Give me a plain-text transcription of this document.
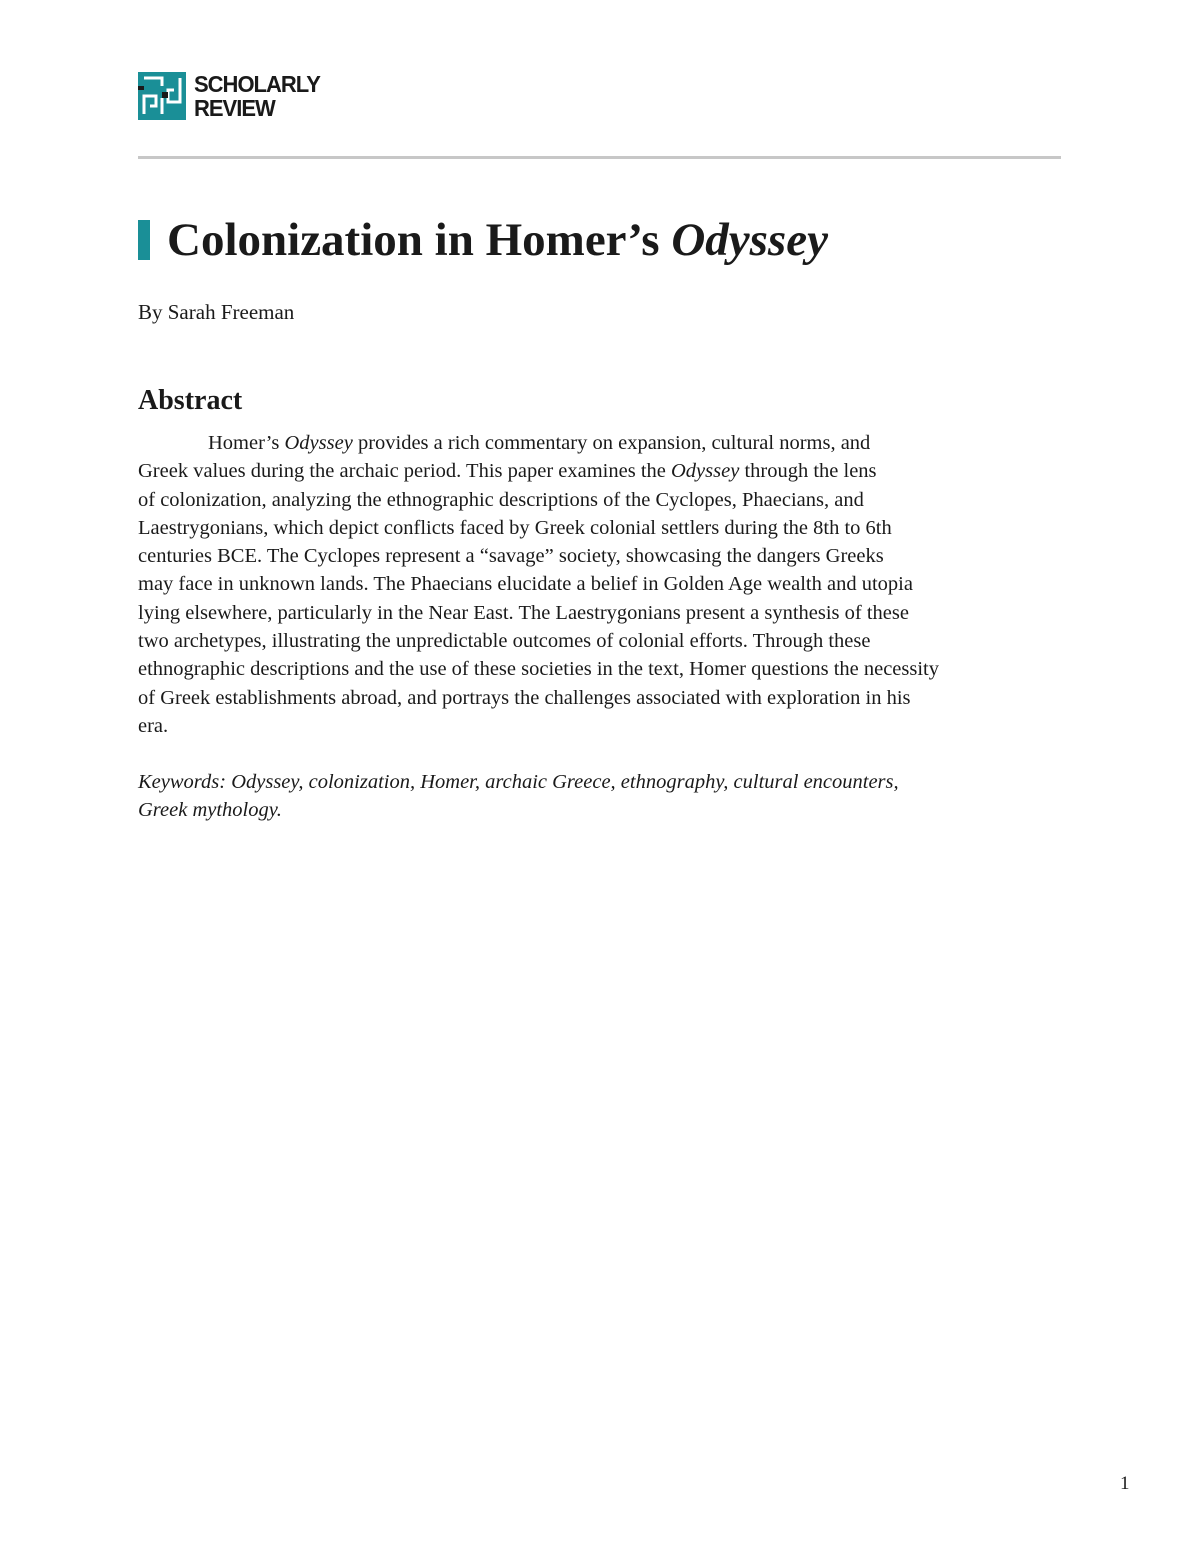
SCHOLARLY
REVIEW
Colonization in Homer’s Odyssey

By Sarah Freeman

Abstract

Homer’s Odyssey provides a rich commentary on expansion, cultural norms, and
Greek values during the archaic period. This paper examines the Odyssey through the lens
of colonization, analyzing the ethnographic descriptions of the Cyclopes, Phaecians, and
Laestrygonians, which depict conflicts faced by Greek colonial settlers during the 8th to 6th
centuries BCE. The Cyclopes represent a “savage” society, showcasing the dangers Greeks
may face in unknown lands. The Phaecians elucidate a belief in Golden Age wealth and utopia
lying elsewhere, particularly in the Near East. The Laestrygonians present a synthesis of these
two archetypes, illustrating the unpredictable outcomes of colonial efforts. Through these
ethnographic descriptions and the use of these societies in the text, Homer questions the necessity
of Greek establishments abroad, and portrays the challenges associated with exploration in his
era.

Keywords: Odyssey, colonization, Homer, archaic Greece, ethnography, cultural encounters,
Greek mythology.

1
